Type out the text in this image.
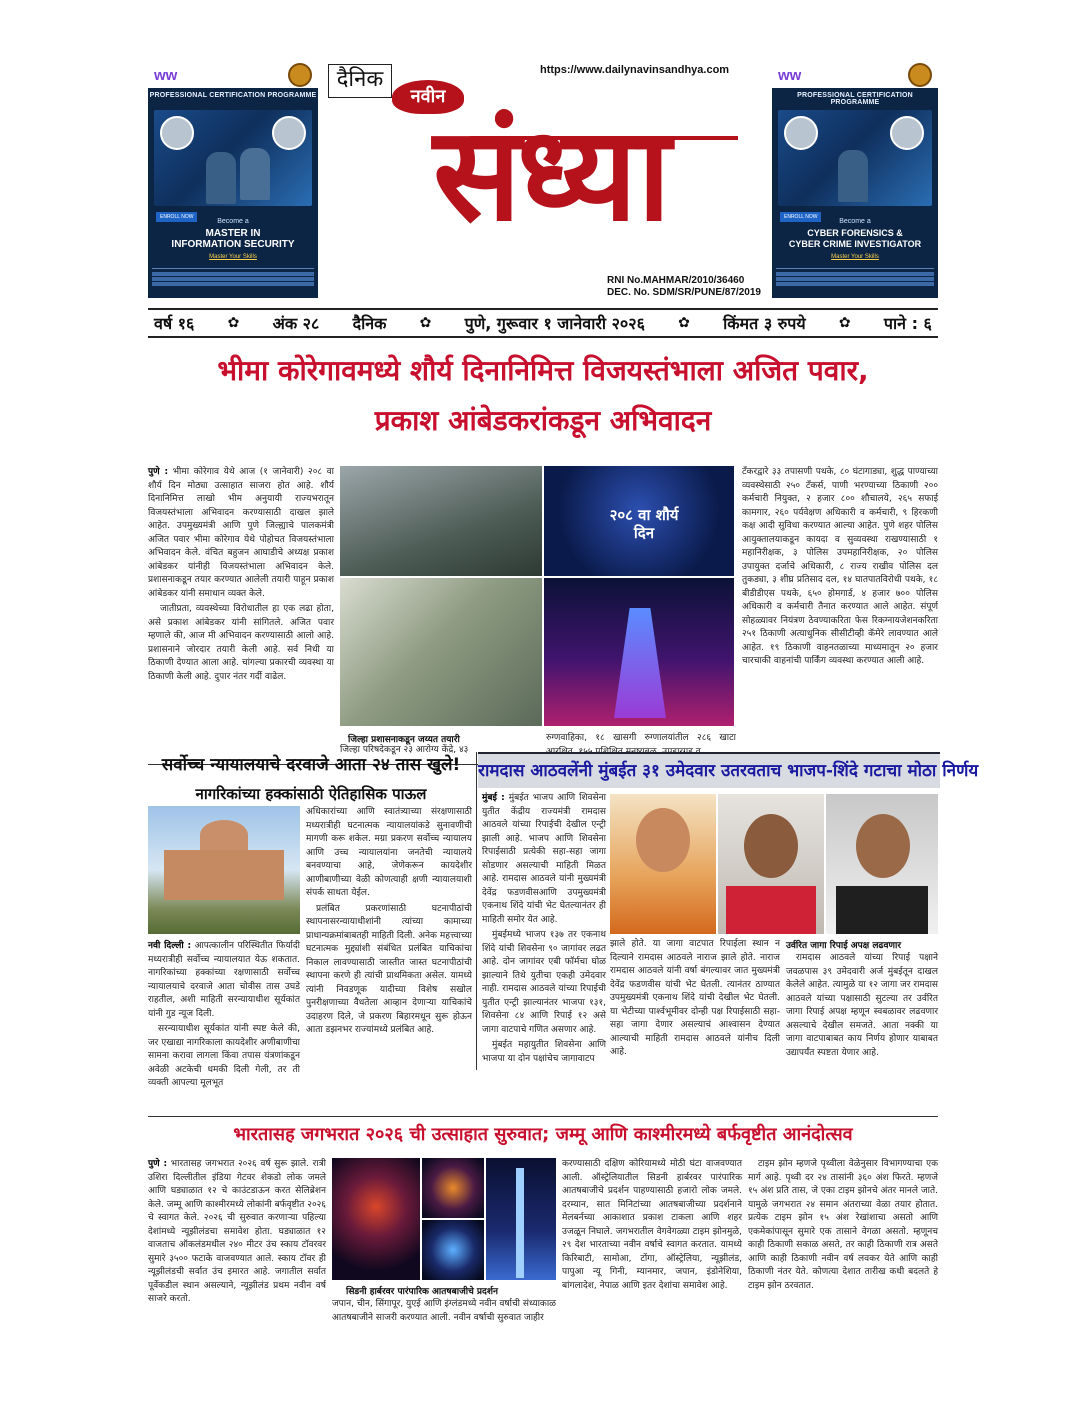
ww
PROFESSIONAL CERTIFICATION PROGRAMME
ENROLL NOW
Become a
MASTER IN
INFORMATION SECURITY
Master Your Skills
दैनिक
नवीन
https://www.dailynavinsandhya.com
संध्या
RNI No.MAHMAR/2010/36460
DEC. No. SDM/SR/PUNE/87/2019
ww
PROFESSIONAL CERTIFICATION PROGRAMME
ENROLL NOW
Become a
CYBER FORENSICS &
CYBER CRIME INVESTIGATOR
Master Your Skills
वर्ष १६ ✿ अंक २८ दैनिक ✿ पुणे, गुरूवार १ जानेवारी २०२६ ✿ किंमत ३ रुपये ✿ पाने : ६
भीमा कोरेगावमध्ये शौर्य दिनानिमित्त विजयस्तंभाला अजित पवार,
प्रकाश आंबेडकरांकडून अभिवादन
पुणे : भीमा कोरेगाव येथे आज (१ जानेवारी) २०८ वा शौर्य दिन मोठ्या उत्साहात साजरा होत आहे. शौर्य दिनानिमित्त लाखो भीम अनुयायी राज्यभरातून विजयस्तंभाला अभिवादन करण्यासाठी दाखल झाले आहेत. उपमुख्यमंत्री आणि पुणे जिल्ह्याचे पालकमंत्री अजित पवार भीमा कोरेगाव येथे पोहोचत विजयस्तंभाला अभिवादन केले. वंचित बहुजन आघाडीचे अध्यक्ष प्रकाश आंबेडकर यांनीही विजयस्तंभाला अभिवादन केले. प्रशासनाकडून तयार करण्यात आलेली तयारी पाहून प्रकाश आंबेडकर यांनी समाधान व्यक्त केले.

जातीप्रता, व्यवस्थेच्या विरोधातील हा एक लढा होता, असे प्रकाश आंबेडकर यांनी सांगितले. अजित पवार म्हणाले की, आज मी अभिवादन करण्यासाठी आलो आहे. प्रशासनाने जोरदार तयारी केली आहे. सर्व निधी या ठिकाणी देण्यात आला आहे. चांगल्या प्रकारची व्यवस्था या ठिकाणी केली आहे. दुपार नंतर गर्दी वाढेल.

२०८ वा शौर्य दिन
जिल्हा प्रशासनाकडून जय्यत तयारी
जिल्हा परिषदेकडून २३ आरोग्य केंद्रे, ४३
रुग्णवाहिका, १८ खासगी रुग्णालयांतील २८६ खाटा
टँकरद्वारे ३३ तपासणी पथके, ८० घंटागाड्या, शुद्ध पाण्याच्या व्यवस्थेसाठी २५० टँकर्स, पाणी भरण्याच्या ठिकाणी २०० कर्मचारी नियुक्त, २ हजार ८०० शौचालये, २६५ सफाई कामगार, २६० पर्यवेक्षण अधिकारी व कर्मचारी, ९ हिरकणी कक्ष आदी सुविधा करण्यात आल्या आहेत. पुणे शहर पोलिस आयुक्तालयाकडून कायदा व सुव्यवस्था राखण्यासाठी १ महानिरीक्षक, ३ पोलिस उपमहानिरीक्षक, २० पोलिस उपायुक्त दर्जाचे अधिकारी, ८ राज्य राखीव पोलिस दल तुकड्या, ३ शीघ्र प्रतिसाद दल, १४ घातपातविरोधी पथके, १८ बीडीडीएस पथके, ६५० होमगार्ड, ४ हजार ७०० पोलिस अधिकारी व कर्मचारी तैनात करण्यात आले आहेत. संपूर्ण सोहळ्यावर नियंत्रण ठेवण्याकरिता फेस रिकग्नायजेशनकरिता २५१ ठिकाणी अत्याधुनिक सीसीटीव्ही कॅमेरे लावण्यात आले आहेत. १९ ठिकाणी वाहनतळाच्या माध्यमातून २० हजार चारचाकी वाहनांची पार्किंग व्यवस्था करण्यात आली आहे.
सर्वोच्च न्यायालयाचे दरवाजे आता २४ तास खुले!
नागरिकांच्या हक्कांसाठी ऐतिहासिक पाऊल
नवी दिल्ली : आपत्कालीन परिस्थितीत फिर्यादी मध्यरात्रीही सर्वोच्च न्यायालयात येऊ शकतात. नागरिकांच्या हक्कांच्या रक्षणासाठी सर्वोच्च न्यायालयाचे दरवाजे आता चोवीस तास उघडे राहतील, अशी माहिती सरन्यायाधीश सूर्यकांत यांनी गुड न्यूज दिली.

सरन्यायाधीश सूर्यकांत यांनी स्पष्ट केले की, जर एखाद्या नागरिकाला कायदेशीर अणीबाणीचा सामना करावा लागला किंवा तपास यंत्रणांकडून अवेळी अटकेची धमकी दिली गेली, तर ती व्यक्ती आपल्या मूलभूत

अधिकारांच्या आणि स्वातंत्र्याच्या संरक्षणासाठी मध्यरात्रीही घटनात्मक न्यायालयांकडे सुनावणीची मागणी करू शकेल. मग्रा प्रकरण सर्वोच्च न्यायालय आणि उच्च न्यायालयांना जनतेची न्यायालये बनवण्याचा आहे, जेणेकरून कायदेशीर आणीबाणीच्या वेळी कोणत्याही क्षणी न्यायालयाशी संपर्क साधता येईल.

प्रलंबित प्रकरणांसाठी घटनापीठांची स्थापनासरन्यायाधीशांनी त्यांच्या कामाच्या प्राधान्यक्रमांबाबतही माहिती दिली. अनेक महत्त्वाच्या घटनात्मक मुद्द्यांशी संबंधित प्रलंबित याचिकांचा निकाल लावण्यासाठी जास्तीत जास्त घटनापीठांची स्थापना करणे ही त्यांची प्राथमिकता असेल. यामध्ये त्यांनी निवडणूक यादीच्या विशेष सखोल पुनरीक्षणाच्या वैधतेला आव्हान देणाऱ्या याचिकांचे उदाहरण दिले, जे प्रकरण बिहारमधून सुरू होऊन आता डझनभर राज्यांमध्ये प्रलंबित आहे.

रामदास आठवलेंनी मुंबईत ३१ उमेदवार उतरवताच भाजप-शिंदे गटाचा मोठा निर्णय
मुंबई : मुंबईत भाजप आणि शिवसेना युतीत केंद्रीय राज्यमंत्री रामदास आठवले यांच्या रिपाईची देखील एन्ट्री झाली आहे. भाजप आणि शिवसेना रिपाईसाठी प्रत्येकी सहा-सहा जागा सोडणार असल्याची माहिती मिळत आहे. रामदास आठवले यांनी मुख्यमंत्री देवेंद्र फडणवीसआणि उपमुख्यमंत्री एकनाथ शिंदे यांची भेट घेतल्यानंतर ही माहिती समोर येत आहे.

मुंबईमध्ये भाजप १३७ तर एकनाथ शिंदे यांची शिवसेना ९० जागांवर लढत आहे. दोन जागांवर एबी फॉर्मचा घोळ झाल्याने तिथे युतीचा एकही उमेदवार नाही. रामदास आठवले यांच्या रिपाईची युतीत एन्ट्री झाल्यानंतर भाजपा १३१, शिवसेना ८४ आणि रिपाई १२ असे जागा वाटपाचे गणित असणार आहे.

मुंबईत महायुतीत शिवसेना आणि भाजपा या दोन पक्षांचेच जागावाटप

झाले होते. या जागा वाटपात रिपाईला स्थान न दिल्याने रामदास आठवले नाराज झाले होते. नाराज रामदास आठवले यांनी वर्षा बंगल्यावर जात मुख्यमंत्री देवेंद्र फडणवीस यांची भेट घेतली. त्यानंतर ठाण्यात उपमुख्यमंत्री एकनाथ शिंदे यांची देखील भेट घेतली. या भेटीच्या पार्श्वभूमीवर दोन्ही पक्ष रिपाईसाठी सहा-सहा जागा देणार असल्याचं आश्वासन देण्यात आल्याची माहिती रामदास आठवले यांनीच दिली आहे.
उर्वरित जागा रिपाई अपक्ष लढवणार
रामदास आठवले यांच्या रिपाई पक्षाने जवळपास ३९ उमेदवारी अर्ज मुंबईतून दाखल केलेले आहेत. त्यामुळे या १२ जागा जर रामदास आठवले यांच्या पक्षासाठी सुटल्या तर उर्वरित जागा रिपाई अपक्ष म्हणून स्वबळावर लढवणार असल्याचे देखील समजते. आता नक्की या जागा वाटपाबाबत काय निर्णय होणार याबाबत उद्यापर्यंत स्पष्टता येणार आहे.
भारतासह जगभरात २०२६ ची उत्साहात सुरुवात; जम्मू आणि काश्मीरमध्ये बर्फवृष्टीत आनंदोत्सव
पुणे : भारतासह जगभरात २०२६ वर्ष सुरू झाले. रात्री उशिरा दिल्लीतील इंडिया गेटवर शेकडो लोक जमले आणि घड्याळात १२ चे काउंटडाऊन करत सेलिब्रेशन केले. जम्मू आणि काश्मीरमध्ये लोकांनी बर्फवृष्टीत २०२६ चे स्वागत केले. २०२६ ची सुरुवात करणाऱ्या पहिल्या देशांमध्ये न्यूझीलंडचा समावेश होता. घड्याळात १२ वाजताच ऑकलंडमधील २४० मीटर उंच स्काय टॉवरवर सुमारे ३५०० फटाके वाजवण्यात आले. स्काय टॉवर ही न्यूझीलंडची सर्वात उंच इमारत आहे. जगातील सर्वात पूर्वेकडील स्थान असल्याने, न्यूझीलंड प्रथम नवीन वर्ष साजरे करतो.
सिडनी हार्बरवर पारंपारिक आतषबाजीचे प्रदर्शन
जपान, चीन, सिंगापूर, युएई आणि इंग्लंडमध्ये नवीन वर्षाची संध्याकाळ आतषबाजीने साजरी करण्यात आली. नवीन वर्षाची सुरुवात जाहीर
करण्यासाठी दक्षिण कोरियामध्ये मोठी घंटा वाजवण्यात आली. ऑस्ट्रेलियातील सिडनी हार्बरवर पारंपारिक आतषबाजीचे प्रदर्शन पाहण्यासाठी हजारो लोक जमले. दरम्यान, सात मिनिटांच्या आतषबाजीच्या प्रदर्शनाने मेलबर्नच्या आकाशात प्रकाश टाकला आणि शहर उजळून निघाले. जगभरातील वेगवेगळ्या टाइम झोनमुळे, २९ देश भारताच्या नवीन वर्षाचे स्वागत करतात. यामध्ये किरिबाटी, सामोआ, टोंगा, ऑस्ट्रेलिया, न्यूझीलंड, पापुआ न्यू गिनी, म्यानमार, जपान, इंडोनेशिया, बांगलादेश, नेपाळ आणि इतर देशांचा समावेश आहे.
टाइम झोन म्हणजे पृथ्वीला वेळेनुसार विभागण्याचा एक मार्ग आहे. पृथ्वी दर २४ तासांनी ३६० अंश फिरते. म्हणजे १५ अंश प्रति तास, जे एका टाइम झोनचे अंतर मानले जाते. यामुळे जगभरात २४ समान अंतराच्या वेळा तयार होतात. प्रत्येक टाइम झोन १५ अंश रेखांशाचा असतो आणि एकमेकांपासून सुमारे एक तासाने वेगळा असतो. म्हणूनच काही ठिकाणी सकाळ असते, तर काही ठिकाणी रात्र असते आणि काही ठिकाणी नवीन वर्ष लवकर येते आणि काही ठिकाणी नंतर येते. कोणत्या देशात तारीख कधी बदलते हे टाइम झोन ठरवतात.
